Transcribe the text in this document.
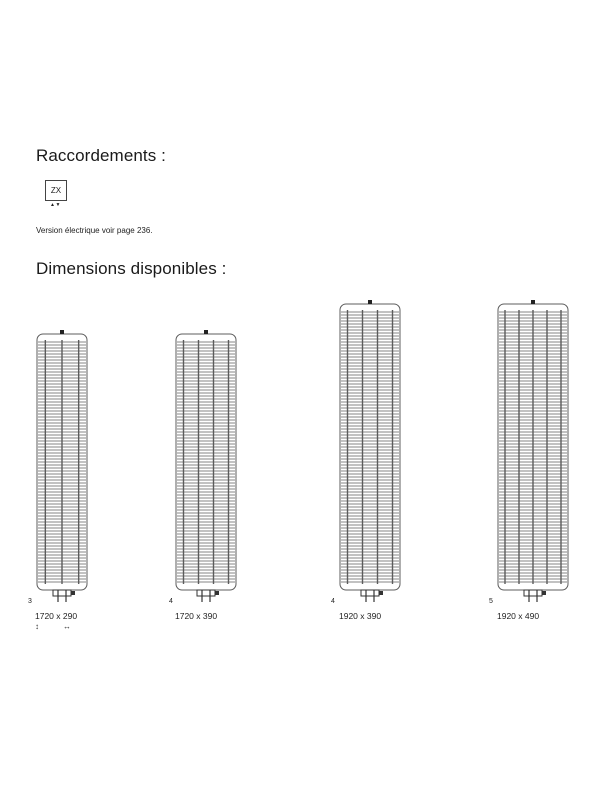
Raccordements :
ZX
▲▼
Version électrique voir page 236.
Dimensions disponibles :
3
1720 x 290
4
1720 x 390
4
1920 x 390
5
1920 x 490
↕	↔
